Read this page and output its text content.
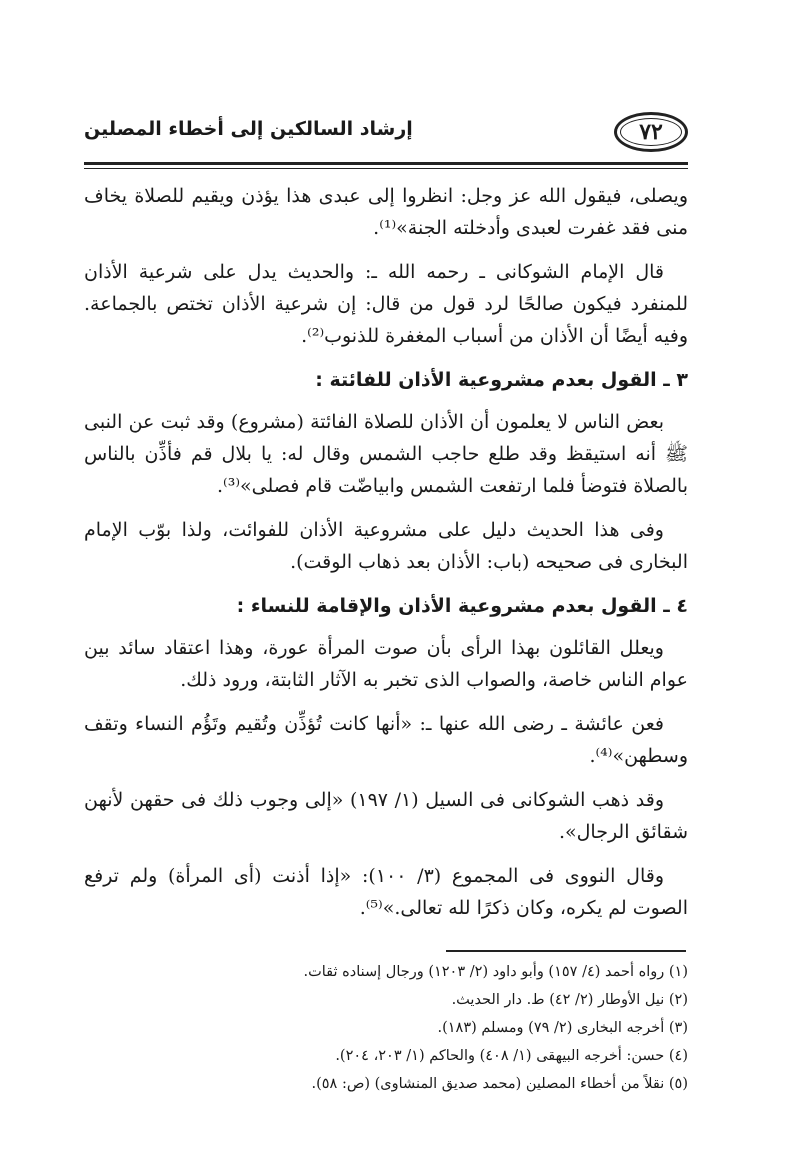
٧٢
إرشاد السالكين إلى أخطاء المصلين

ويصلى، فيقول الله عز وجل: انظروا إلى عبدى هذا يؤذن ويقيم للصلاة يخاف منى فقد غفرت لعبدى وأدخلته الجنة»⁽¹⁾.

قال الإمام الشوكانى ـ رحمه الله ـ: والحديث يدل على شرعية الأذان للمنفرد فيكون صالحًا لرد قول من قال: إن شرعية الأذان تختص بالجماعة. وفيه أيضًا أن الأذان من أسباب المغفرة للذنوب⁽²⁾.

٣ ـ القول بعدم مشروعية الأذان للفائتة :

بعض الناس لا يعلمون أن الأذان للصلاة الفائتة (مشروع) وقد ثبت عن النبى ﷺ أنه استيقظ وقد طلع حاجب الشمس وقال له: يا بلال قم فأذِّن بالناس بالصلاة فتوضأ فلما ارتفعت الشمس وابياضّت قام فصلى»⁽³⁾.

وفى هذا الحديث دليل على مشروعية الأذان للفوائت، ولذا بوّب الإمام البخارى فى صحيحه (باب: الأذان بعد ذهاب الوقت).

٤ ـ القول بعدم مشروعية الأذان والإقامة للنساء :

ويعلل القائلون بهذا الرأى بأن صوت المرأة عورة، وهذا اعتقاد سائد بين عوام الناس خاصة، والصواب الذى تخبر به الآثار الثابتة، ورود ذلك.

فعن عائشة ـ رضى الله عنها ـ: «أنها كانت تُؤذِّن وتُقيم وتَؤُم النساء وتقف وسطهن»⁽⁴⁾.

وقد ذهب الشوكانى فى السيل (١/ ١٩٧) «إلى وجوب ذلك فى حقهن لأنهن شقائق الرجال».

وقال النووى فى المجموع (٣/ ١٠٠): «إذا أذنت (أى المرأة) ولم ترفع الصوت لم يكره، وكان ذكرًا لله تعالى.»⁽⁵⁾.

(١) رواه أحمد (٤/ ١٥٧) وأبو داود (٢/ ١٢٠٣) ورجال إسناده ثقات.

(٢) نيل الأوطار (٢/ ٤٢) ط. دار الحديث.

(٣) أخرجه البخارى (٢/ ٧٩) ومسلم (١٨٣).

(٤) حسن: أخرجه البيهقى (١/ ٤٠٨) والحاكم (١/ ٢٠٣، ٢٠٤).

(٥) نقلاً من أخطاء المصلين (محمد صديق المنشاوى) (ص: ٥٨).
